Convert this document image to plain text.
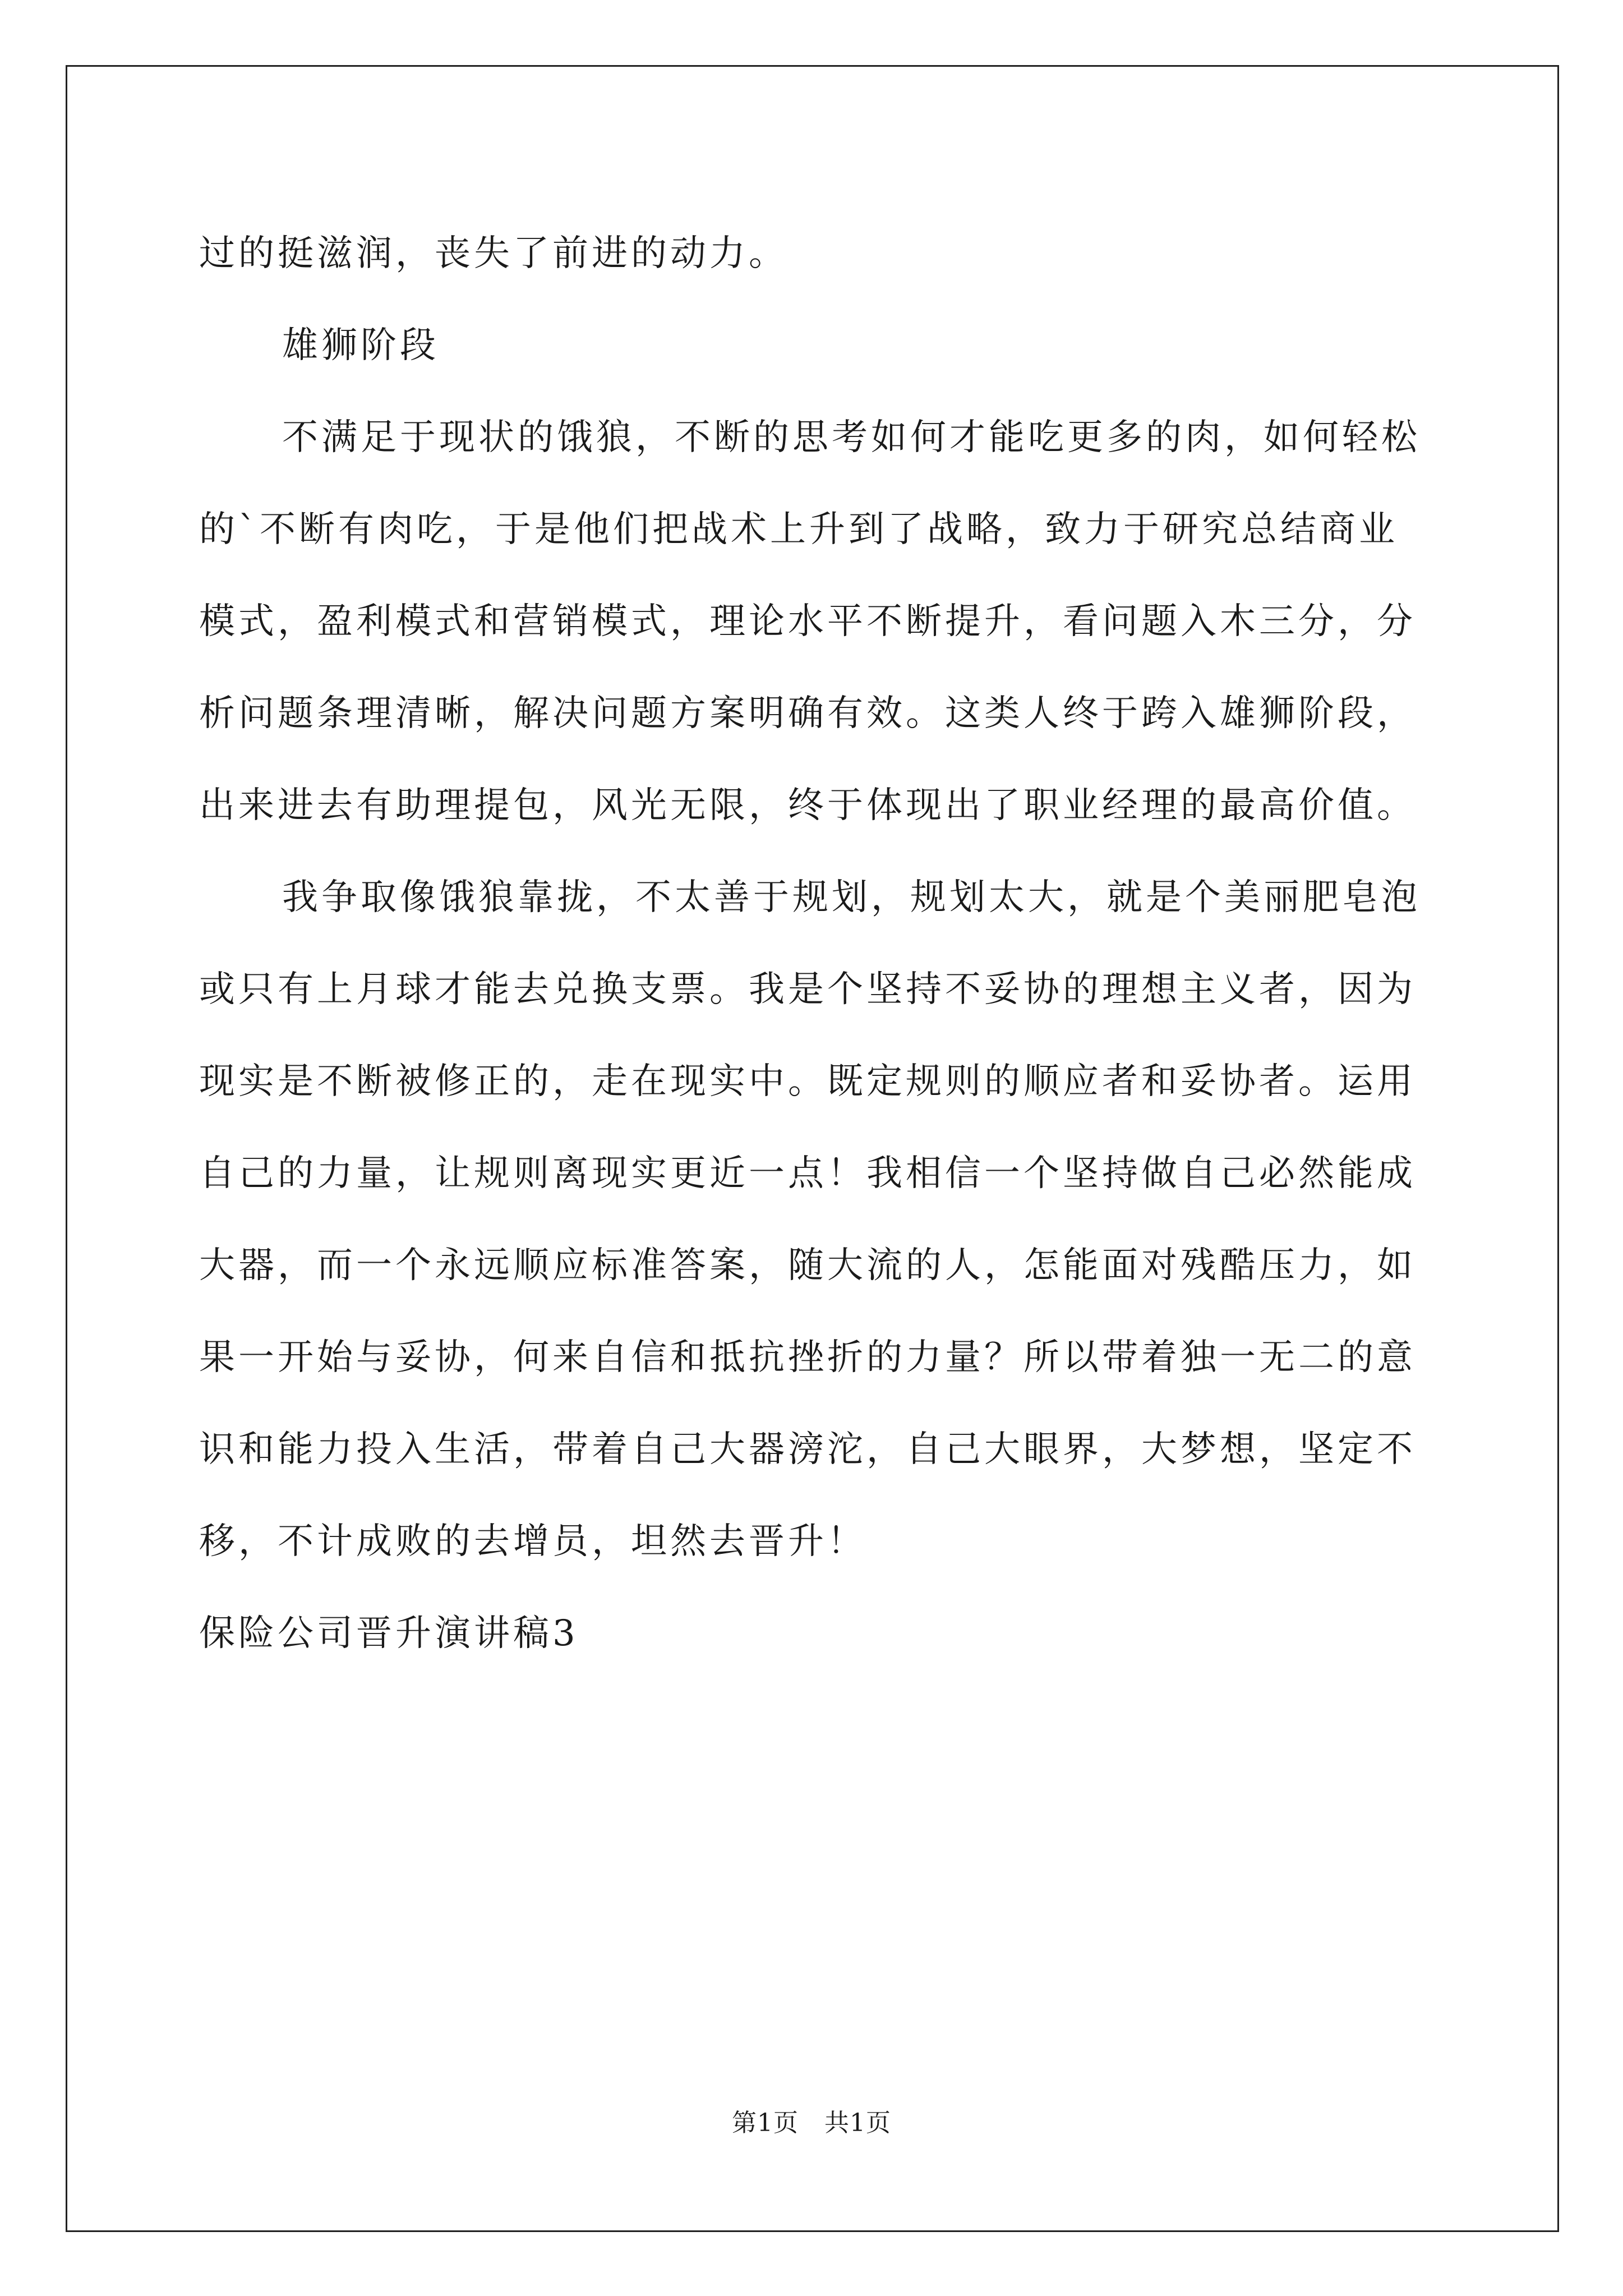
过的挺滋润，丧失了前进的动力。

雄狮阶段

不满足于现状的饿狼，不断的思考如何才能吃更多的肉，如何轻松的`不断有肉吃，于是他们把战术上升到了战略，致力于研究总结商业模式，盈利模式和营销模式，理论水平不断提升，看问题入木三分，分析问题条理清晰，解决问题方案明确有效。这类人终于跨入雄狮阶段，出来进去有助理提包，风光无限，终于体现出了职业经理的最高价值。

我争取像饿狼靠拢，不太善于规划，规划太大，就是个美丽肥皂泡或只有上月球才能去兑换支票。我是个坚持不妥协的理想主义者，因为现实是不断被修正的，走在现实中。既定规则的顺应者和妥协者。运用自己的力量，让规则离现实更近一点！我相信一个坚持做自己必然能成大器，而一个永远顺应标准答案，随大流的人，怎能面对残酷压力，如果一开始与妥协，何来自信和抵抗挫折的力量？所以带着独一无二的意识和能力投入生活，带着自己大器滂沱，自己大眼界，大梦想，坚定不移，不计成败的去增员，坦然去晋升！

保险公司晋升演讲稿3

第1页 共1页
